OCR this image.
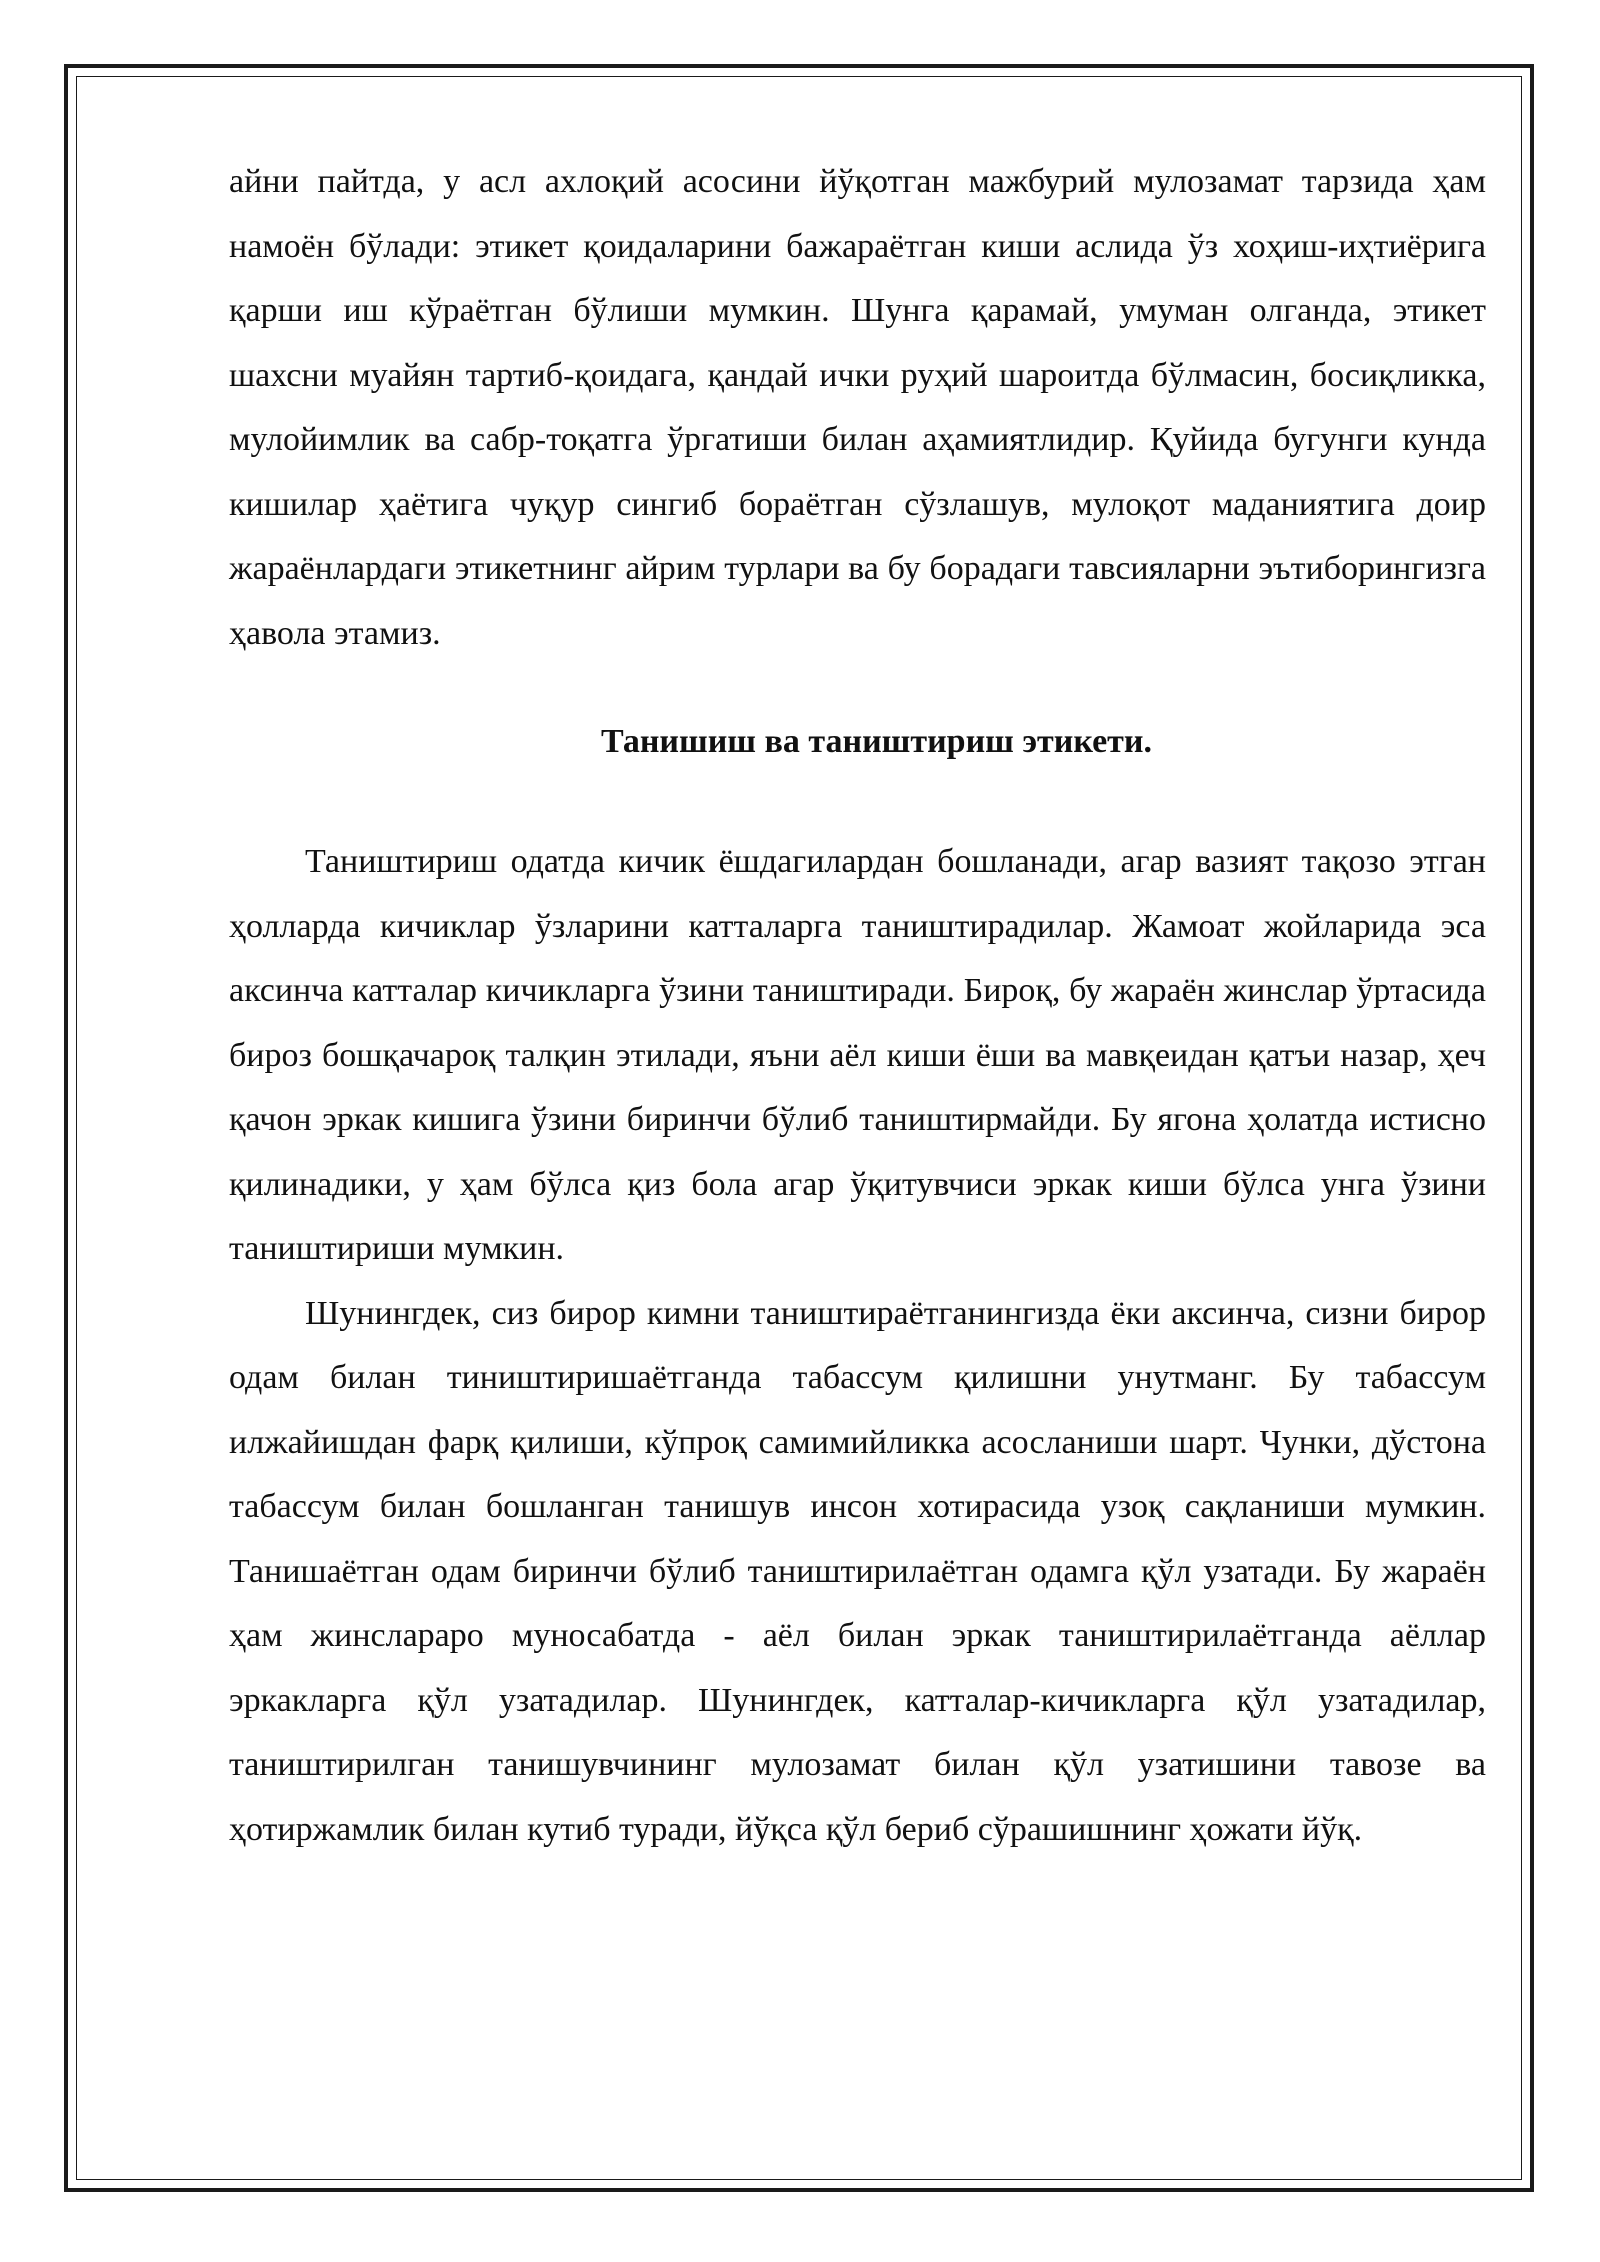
айни пайтда, у асл ахлоқий асосини йўқотган мажбурий мулозамат тарзида ҳам намоён бўлади: этикет қоидаларини бажараётган киши аслида ўз хоҳиш-иҳтиёрига қарши иш кўраётган бўлиши мумкин. Шунга қарамай, умуман олганда, этикет шахсни муайян тартиб-қоидага, қандай ички руҳий шароитда бўлмасин, босиқликка, мулойимлик ва сабр-тоқатга ўргатиши билан аҳамиятлидир. Қуйида бугунги кунда кишилар ҳаётига чуқур сингиб бораётган сўзлашув, мулоқот маданиятига доир жараёнлардаги этикетнинг айрим турлари ва бу борадаги тавсияларни эътиборингизга ҳавола этамиз.

Танишиш ва таништириш этикети.

Таништириш одатда кичик ёшдагилардан бошланади, агар вазият тақозо этган ҳолларда кичиклар ўзларини катталарга таништирадилар. Жамоат жойларида эса аксинча катталар кичикларга ўзини таништиради. Бироқ, бу жараён жинслар ўртасида бироз бошқачароқ талқин этилади, яъни аёл киши ёши ва мавқеидан қатъи назар, ҳеч қачон эркак кишига ўзини биринчи бўлиб таништирмайди. Бу ягона ҳолатда истисно қилинадики, у ҳам бўлса қиз бола агар ўқитувчиси эркак киши бўлса унга ўзини таништириши мумкин.

Шунингдек, сиз бирор кимни таништираётганингизда ёки аксинча, сизни бирор одам билан тиништиришаётганда табассум қилишни унутманг. Бу табассум илжайишдан фарқ қилиши, кўпроқ самимийликка асосланиши шарт. Чунки, дўстона табассум билан бошланган танишув инсон хотирасида узоқ сақланиши мумкин. Танишаётган одам биринчи бўлиб таништирилаётган одамга қўл узатади. Бу жараён ҳам жинслараро муносабатда - аёл билан эркак таништирилаётганда аёллар эркакларга қўл узатадилар. Шунингдек, катталар-кичикларга қўл узатадилар, таништирилган танишувчининг мулозамат билан қўл узатишини тавозе ва ҳотиржамлик билан кутиб туради, йўқса қўл бериб сўрашишнинг ҳожати йўқ.
